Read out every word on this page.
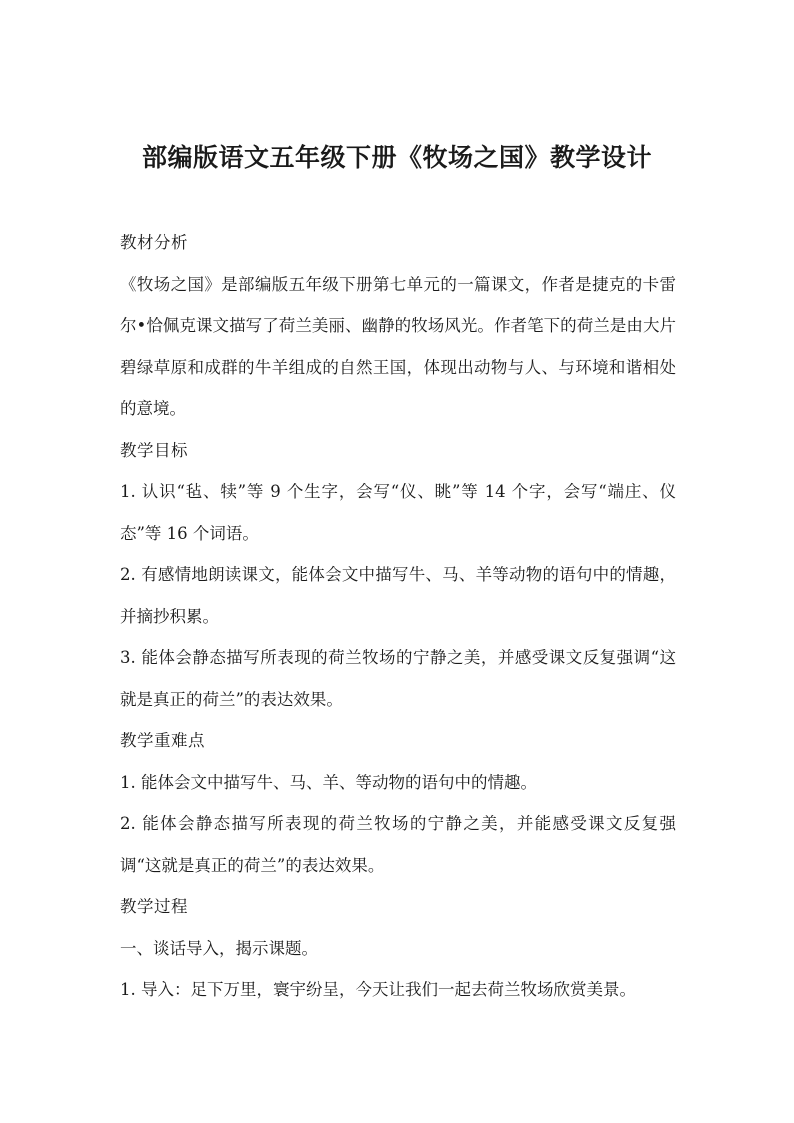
部编版语文五年级下册《牧场之国》教学设计

教材分析

《牧场之国》是部编版五年级下册第七单元的一篇课文，作者是捷克的卡雷尔•恰佩克课文描写了荷兰美丽、幽静的牧场风光。作者笔下的荷兰是由大片碧绿草原和成群的牛羊组成的自然王国，体现出动物与人、与环境和谐相处的意境。

教学目标

1. 认识“毡、犊”等 9 个生字，会写“仪、眺”等 14 个字，会写“端庄、仪态”等 16 个词语。

2. 有感情地朗读课文，能体会文中描写牛、马、羊等动物的语句中的情趣，并摘抄积累。

3. 能体会静态描写所表现的荷兰牧场的宁静之美，并感受课文反复强调“这就是真正的荷兰”的表达效果。

教学重难点

1. 能体会文中描写牛、马、羊、等动物的语句中的情趣。

2. 能体会静态描写所表现的荷兰牧场的宁静之美，并能感受课文反复强调“这就是真正的荷兰”的表达效果。

教学过程

一、谈话导入，揭示课题。

1. 导入：足下万里，寰宇纷呈，今天让我们一起去荷兰牧场欣赏美景。
